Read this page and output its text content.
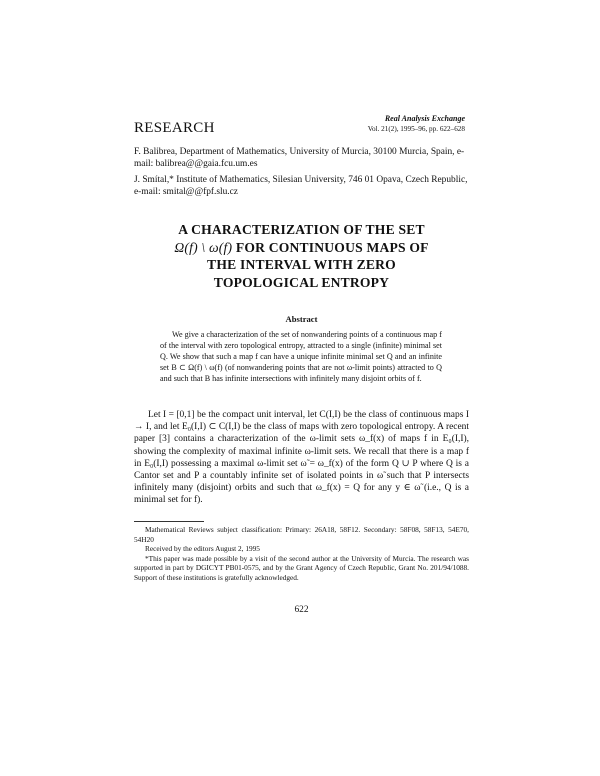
RESEARCH
Real Analysis Exchange
Vol. 21(2), 1995–96, pp. 622–628

F. Balibrea, Department of Mathematics, University of Murcia, 30100 Murcia, Spain, e-mail: balibrea@@gaia.fcu.um.es

J. Smítal,* Institute of Mathematics, Silesian University, 746 01 Opava, Czech Republic, e-mail: smital@@fpf.slu.cz

A CHARACTERIZATION OF THE SET
Ω(f) \ ω(f) FOR CONTINUOUS MAPS OF
THE INTERVAL WITH ZERO
TOPOLOGICAL ENTROPY
Abstract

We give a characterization of the set of nonwandering points of a continuous map f of the interval with zero topological entropy, attracted to a single (infinite) minimal set Q. We show that such a map f can have a unique infinite minimal set Q and an infinite set B ⊂ Ω(f) \ ω(f) (of nonwandering points that are not ω-limit points) attracted to Q and such that B has infinite intersections with infinitely many disjoint orbits of f.

Let I = [0,1] be the compact unit interval, let C(I,I) be the class of continuous maps I → I, and let E₀(I,I) ⊂ C(I,I) be the class of maps with zero topological entropy. A recent paper [3] contains a characterization of the ω-limit sets ω_f(x) of maps f in E₀(I,I), showing the complexity of maximal infinite ω-limit sets. We recall that there is a map f in E₀(I,I) possessing a maximal ω-limit set ω̃ = ω_f(x) of the form Q ∪ P where Q is a Cantor set and P a countably infinite set of isolated points in ω̃ such that P intersects infinitely many (disjoint) orbits and such that ω_f(x) = Q for any y ∈ ω̃ (i.e., Q is a minimal set for f).

Mathematical Reviews subject classification: Primary: 26A18, 58F12. Secondary: 58F08, 58F13, 54E70, 54H20

Received by the editors August 2, 1995

*This paper was made possible by a visit of the second author at the University of Murcia. The research was supported in part by DGICYT PB01-0575, and by the Grant Agency of Czech Republic, Grant No. 201/94/1088. Support of these institutions is gratefully acknowledged.

622
